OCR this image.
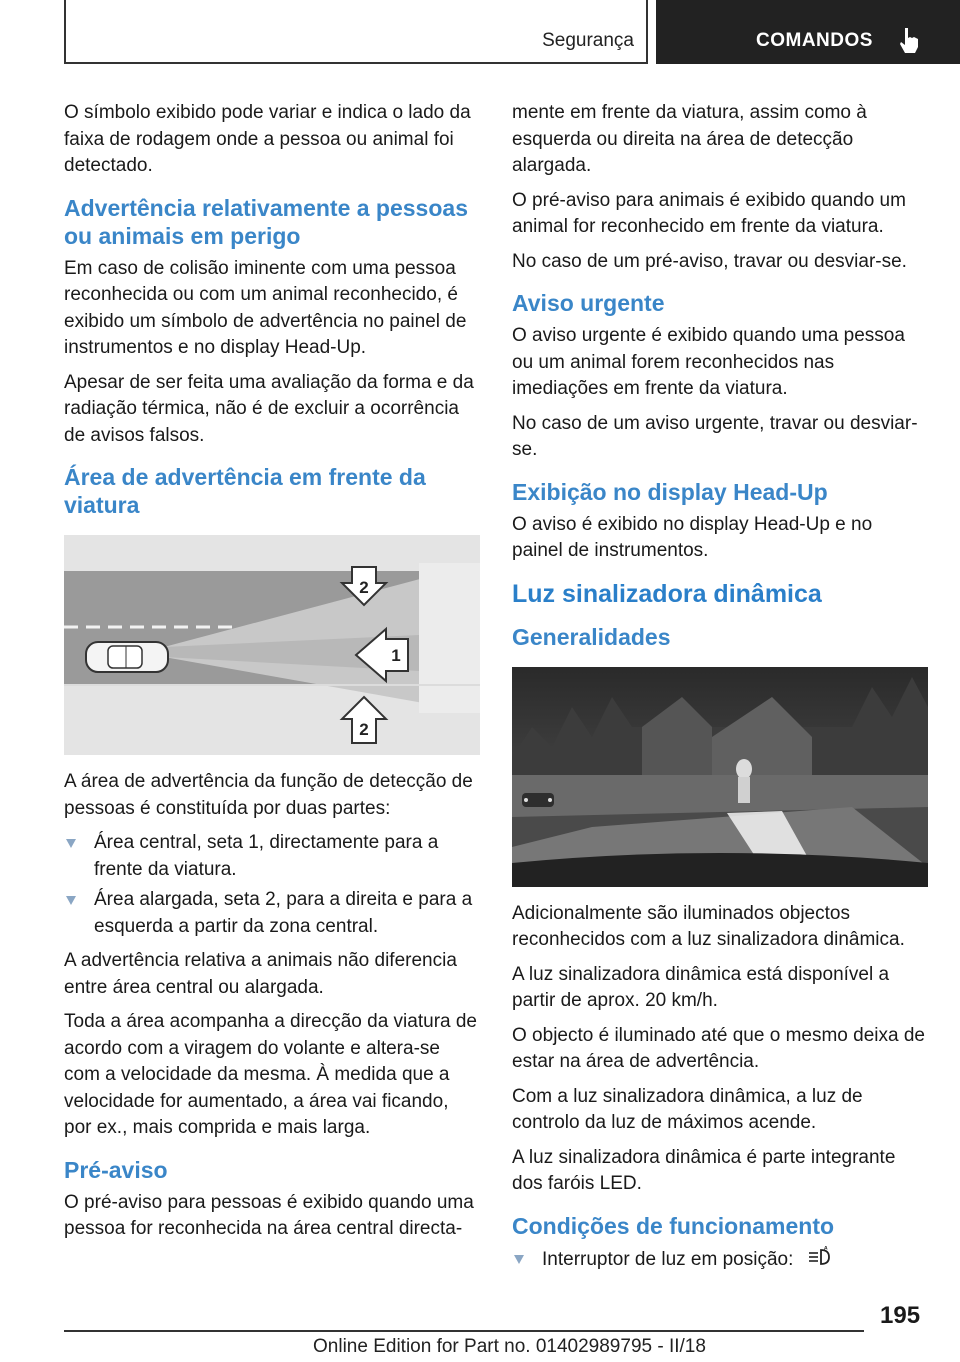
Segurança	COMANDOS

O símbolo exibido pode variar e indica o lado da faixa de rodagem onde a pessoa ou animal foi detectado.

Advertência relativamente a pessoas ou animais em perigo

Em caso de colisão iminente com uma pessoa reconhecida ou com um animal reconhecido, é exibido um símbolo de advertência no painel de instrumentos e no display Head-Up.

Apesar de ser feita uma avaliação da forma e da radiação térmica, não é de excluir a ocorrência de avisos falsos.

Área de advertência em frente da viatura
2
1
2

A área de advertência da função de detecção de pessoas é constituída por duas partes:

Área central, seta 1, directamente para a frente da viatura.
Área alargada, seta 2, para a direita e para a esquerda a partir da zona central.

A advertência relativa a animais não diferencia entre área central ou alargada.

Toda a área acompanha a direcção da viatura de acordo com a viragem do volante e altera-se com a velocidade da mesma. À medida que a velocidade for aumentado, a área vai ficando, por ex., mais comprida e mais larga.

Pré-aviso

O pré-aviso para pessoas é exibido quando uma pessoa for reconhecida na área central directa-

mente em frente da viatura, assim como à esquerda ou direita na área de detecção alargada.

O pré-aviso para animais é exibido quando um animal for reconhecido em frente da viatura.

No caso de um pré-aviso, travar ou desviar-se.

Aviso urgente

O aviso urgente é exibido quando uma pessoa ou um animal forem reconhecidos nas imediações em frente da viatura.

No caso de um aviso urgente, travar ou desviar-se.

Exibição no display Head-Up

O aviso é exibido no display Head-Up e no painel de instrumentos.

Luz sinalizadora dinâmica
Generalidades

Adicionalmente são iluminados objectos reconhecidos com a luz sinalizadora dinâmica.

A luz sinalizadora dinâmica está disponível a partir de aprox. 20 km/h.

O objecto é iluminado até que o mesmo deixa de estar na área de advertência.

Com a luz sinalizadora dinâmica, a luz de controlo da luz de máximos acende.

A luz sinalizadora dinâmica é parte integrante dos faróis LED.

Condições de funcionamento
Interruptor de luz em posição:
A
195
Online Edition for Part no. 01402989795 - II/18
